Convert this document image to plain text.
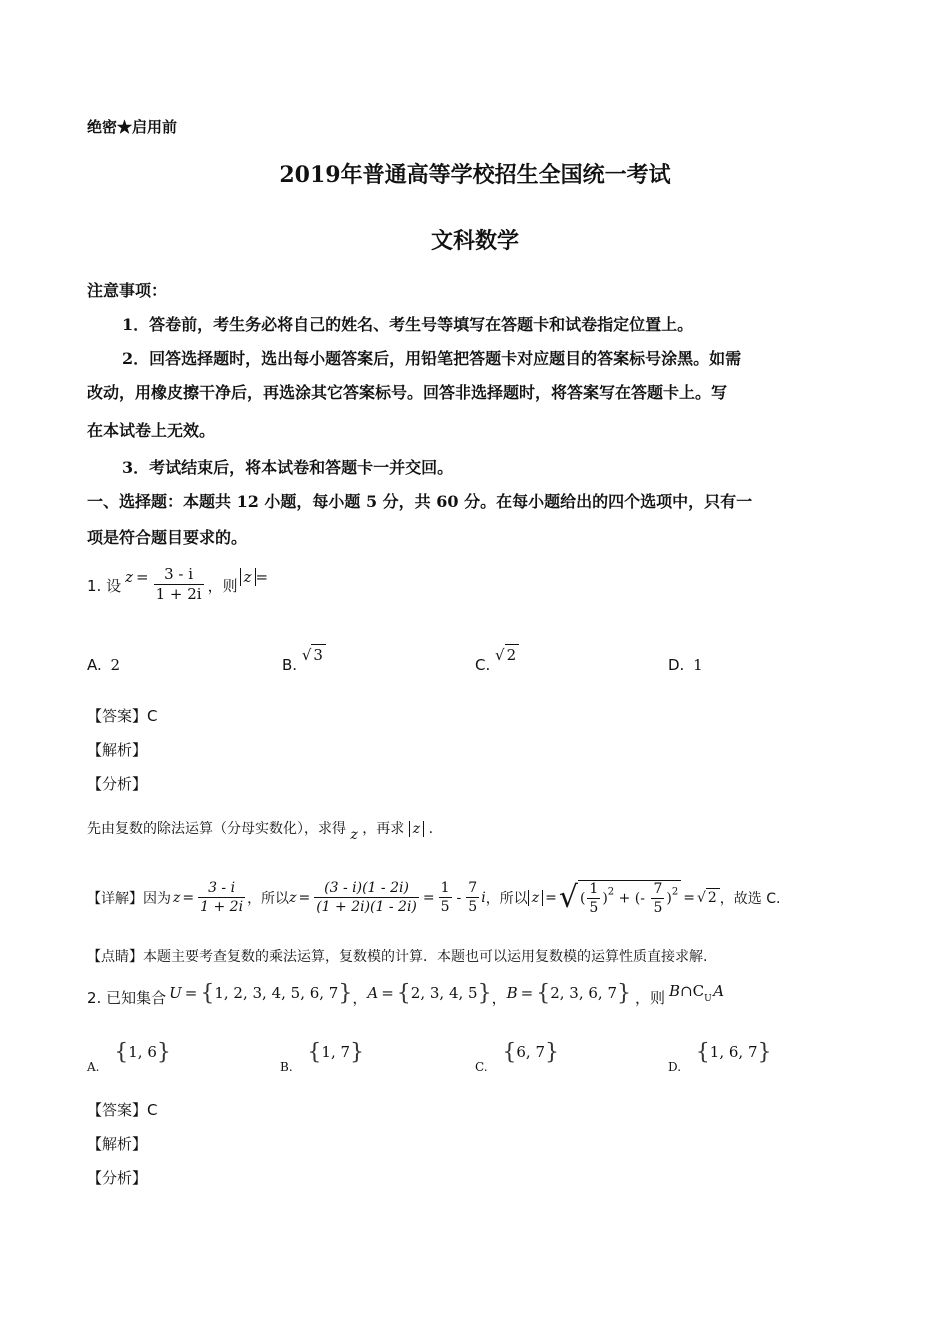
绝密★启用前
2019年普通高等学校招生全国统一考试
文科数学
注意事项：
1．答卷前，考生务必将自己的姓名、考生号等填写在答题卡和试卷指定位置上。
2．回答选择题时，选出每小题答案后，用铅笔把答题卡对应题目的答案标号涂黑。如需
改动，用橡皮擦干净后，再选涂其它答案标号。回答非选择题时，将答案写在答题卡上。写
在本试卷上无效。
3．考试结束后，将本试卷和答题卡一并交回。
一、选择题：本题共 12 小题，每小题 5 分，共 60 分。在每小题给出的四个选项中，只有一
项是符合题目要求的。
1. 设 $z = \frac{3 - i}{1 + 2i}$ ，则 z =
A. 2	B. √ 3
C. √ 2
D. 1
【答案】C
【解析】
【分析】
先由复数的除法运算（分母实数化），求得 z ，再求 z .
【详解】因为 $z = \frac{3 - i}{1 + 2i}$ ，所以 $z = \frac{(3 - i)(1 - 2i)}{(1 + 2i)(1 - 2i)} = \frac{1}{5} - \frac{7}{5}$ i ，所以 z = √ ( $\frac{1}{5} )^2$ + (- $\frac{7}{5} )^2$ = √ 2 ，故选 C.
【点睛】本题主要考查复数的乘法运算，复数模的计算．本题也可以运用复数模的运算性质直接求解.
2. 已知集合 U = {1, 2, 3, 4, 5, 6, 7} ， A = {2, 3, 4, 5} ， B = {2, 3, 6, 7} ，则 $B\cap C_U$  A
$_{A.}$ {1, 6}
$_{B.}$ {1, 7}
$_{C.}$ {6, 7}
$_{D.}$ {1, 6, 7}
【答案】C
【解析】
【分析】
